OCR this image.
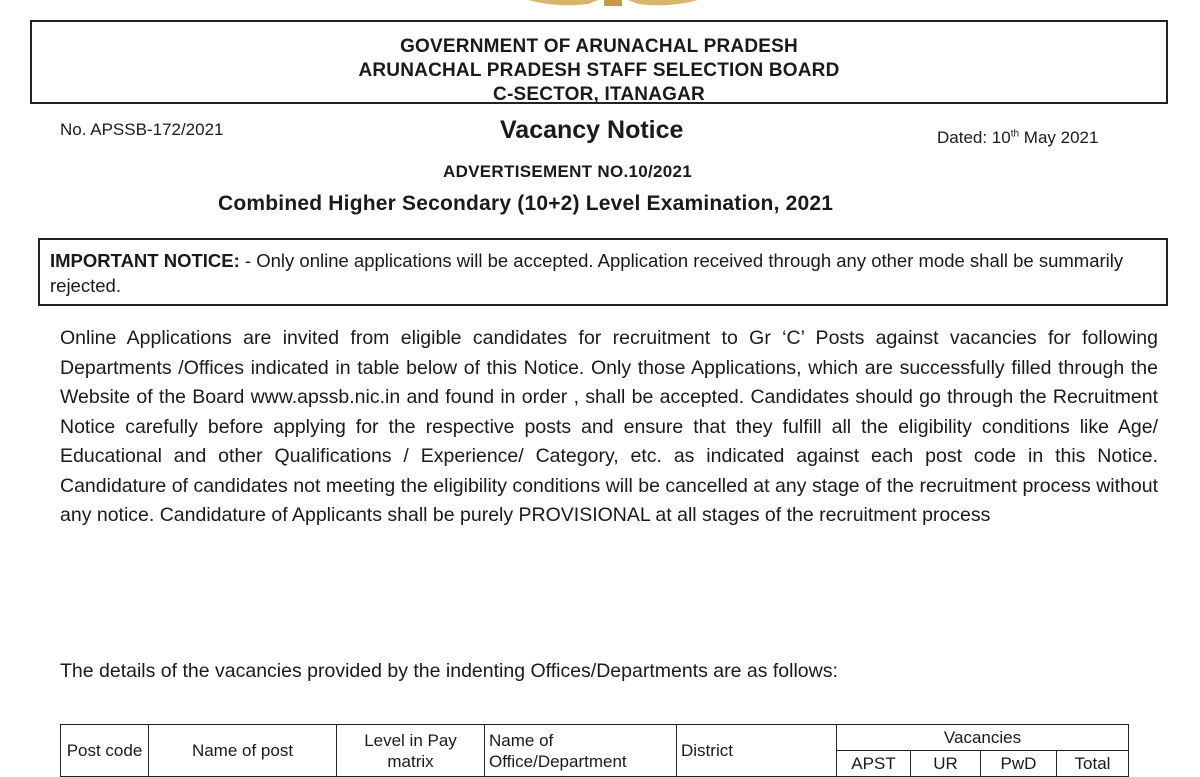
GOVERNMENT OF ARUNACHAL PRADESH
ARUNACHAL PRADESH STAFF SELECTION BOARD
C-SECTOR, ITANAGAR
No. APSSB-172/2021	Vacancy Notice	Dated: 10th May 2021
ADVERTISEMENT NO.10/2021
Combined Higher Secondary (10+2) Level Examination, 2021
IMPORTANT NOTICE: - Only online applications will be accepted. Application received through any other mode shall be summarily rejected.
Online Applications are invited from eligible candidates for recruitment to Gr ‘C’ Posts against vacancies for following Departments /Offices indicated in table below of this Notice. Only those Applications, which are successfully filled through the Website of the Board www.apssb.nic.in and found in order , shall be accepted. Candidates should go through the Recruitment Notice carefully before applying for the respective posts and ensure that they fulfill all the eligibility conditions like Age/ Educational and other Qualifications / Experience/ Category, etc. as indicated against each post code in this Notice. Candidature of candidates not meeting the eligibility conditions will be cancelled at any stage of the recruitment process without any notice. Candidature of Applicants shall be purely PROVISIONAL at all stages of the recruitment process
The details of the vacancies provided by the indenting Offices/Departments are as follows:
Post code	Name of post	Level in Pay matrix	Name of Office/Department	District	Vacancies			
					APST	UR	PwD	Total
